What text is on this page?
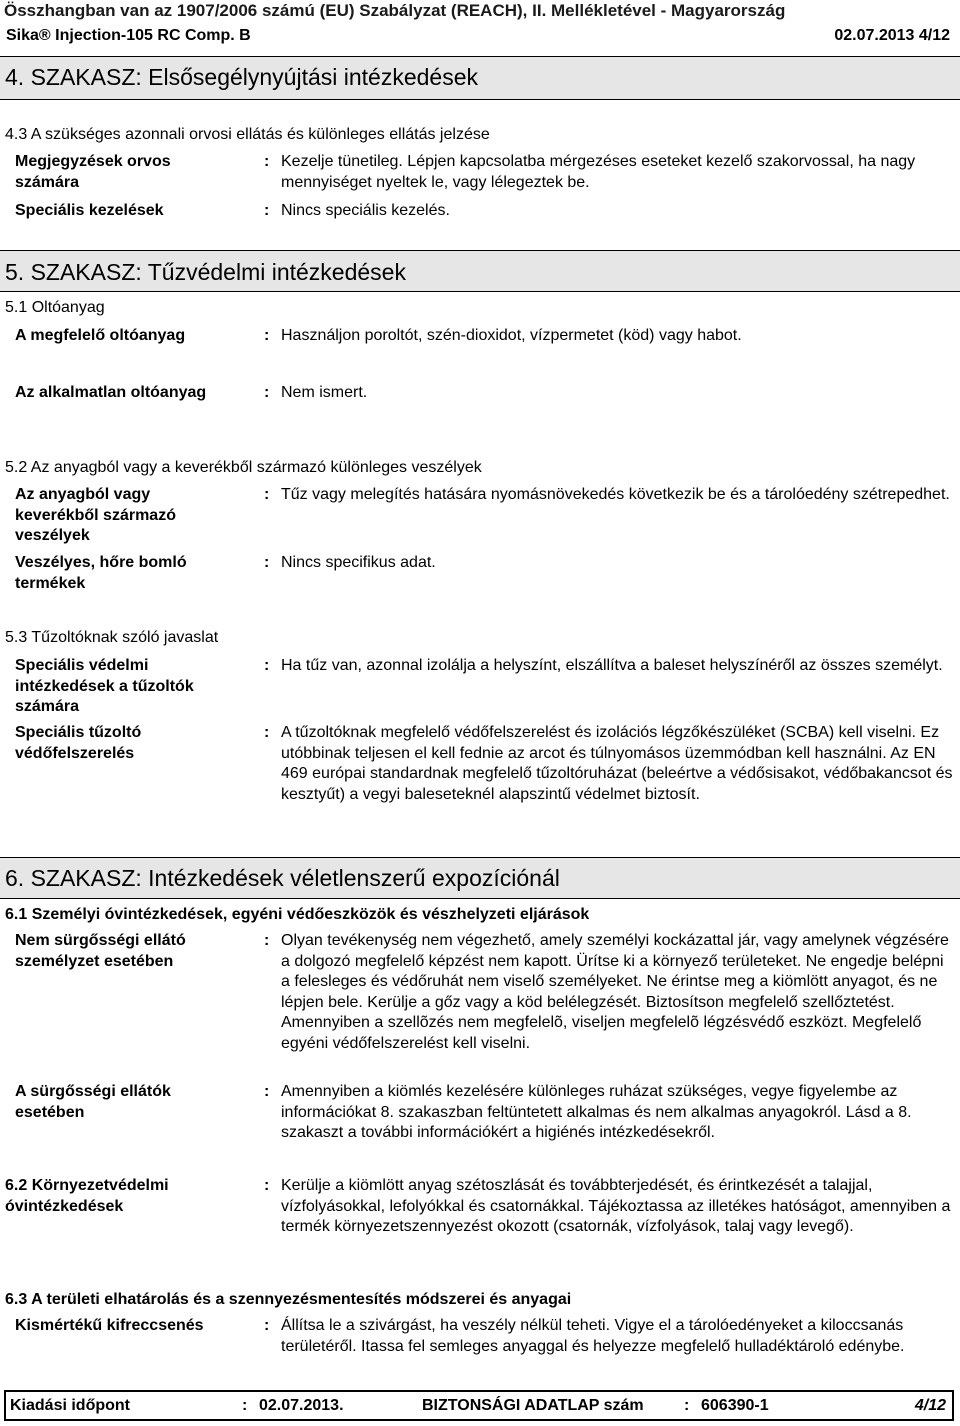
Összhangban van az 1907/2006 számú (EU) Szabályzat (REACH), II. Mellékletével - Magyarország
Sika® Injection-105 RC Comp. B	02.07.2013 4/12
4. SZAKASZ: Elsősegélynyújtási intézkedések
4.3 A szükséges azonnali orvosi ellátás és különleges ellátás jelzése
Megjegyzések orvos számára
: Kezelje tünetileg. Lépjen kapcsolatba mérgezéses eseteket kezelő szakorvossal, ha nagy mennyiséget nyeltek le, vagy lélegeztek be.
Speciális kezelések	: Nincs speciális kezelés.
5. SZAKASZ: Tűzvédelmi intézkedések
5.1 Oltóanyag
A megfelelő oltóanyag	: Használjon poroltót, szén-dioxidot, vízpermetet (köd) vagy habot.
Az alkalmatlan oltóanyag	: Nem ismert.
5.2 Az anyagból vagy a keverékből származó különleges veszélyek
Az anyagból vagy keverékből származó veszélyek
: Tűz vagy melegítés hatására nyomásnövekedés következik be és a tárolóedény szétrepedhet.
Veszélyes, hőre bomló termékek
: Nincs specifikus adat.
5.3 Tűzoltóknak szóló javaslat
Speciális védelmi intézkedések a tűzoltók számára
: Ha tűz van, azonnal izolálja a helyszínt, elszállítva a baleset helyszínéről az összes személyt.
Speciális tűzoltó védőfelszerelés
: A tűzoltóknak megfelelő védőfelszerelést és izolációs légzőkészüléket (SCBA) kell viselni. Ez utóbbinak teljesen el kell fednie az arcot és túlnyomásos üzemmódban kell használni. Az EN 469 európai standardnak megfelelő tűzoltóruházat (beleértve a védősisakot, védőbakancsot és kesztyűt) a vegyi baleseteknél alapszintű védelmet biztosít.
6. SZAKASZ: Intézkedések véletlenszerű expozíciónál
6.1 Személyi óvintézkedések, egyéni védőeszközök és vészhelyzeti eljárások
Nem sürgősségi ellátó személyzet esetében
: Olyan tevékenység nem végezhető, amely személyi kockázattal jár, vagy amelynek végzésére a dolgozó megfelelő képzést nem kapott. Ürítse ki a környező területeket. Ne engedje belépni a felesleges és védőruhát nem viselő személyeket. Ne érintse meg a kiömlött anyagot, és ne lépjen bele. Kerülje a gőz vagy a köd belélegzését. Biztosítson megfelelő szellőztetést. Amennyiben a szellõzés nem megfelelõ, viseljen megfelelõ légzésvédő eszközt. Megfelelő egyéni védőfelszerelést kell viselni.
A sürgősségi ellátók esetében
: Amennyiben a kiömlés kezelésére különleges ruházat szükséges, vegye figyelembe az információkat 8. szakaszban feltüntetett alkalmas és nem alkalmas anyagokról. Lásd a 8. szakaszt a további információkért a higiénés intézkedésekről.
6.2 Környezetvédelmi óvintézkedések
: Kerülje a kiömlött anyag szétoszlását és továbbterjedését, és érintkezését a talajjal, vízfolyásokkal, lefolyókkal és csatornákkal. Tájékoztassa az illetékes hatóságot, amennyiben a termék környezetszennyezést okozott (csatornák, vízfolyások, talaj vagy levegő).
6.3 A területi elhatárolás és a szennyezésmentesítés módszerei és anyagai
Kismértékű kifreccsenés	: Állítsa le a szivárgást, ha veszély nélkül teheti. Vigye el a tárolóedényeket a kiloccsanás területéről. Itassa fel semleges anyaggal és helyezze megfelelő hulladéktároló edénybe.
Kiadási időpont	: 02.07.2013.	BIZTONSÁGI ADATLAP szám	: 606390-1	4/12
